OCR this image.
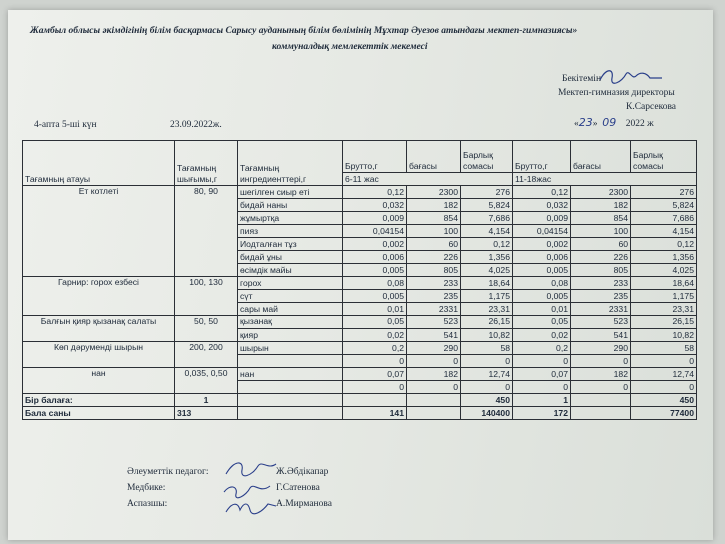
Жамбыл облысы әкімдігінің білім басқармасы Сарысу ауданының білім бөлімінің Мұхтар Әуезов атындағы мектеп-гимназиясы»
коммуналдық мемлекеттік мекемесі
Бекітемін
Мектеп-гимназия директоры
К.Сарсекова
«23» 09 2022 ж
4-апта 5-ші күн	23.09.2022ж.
Тағамның атауы	Тағамның шығымы,г	Тағамның ингредиенттері,г	Брутто,г	бағасы	Барлық сомасы	Брутто,г	бағасы	Барлық сомасы
			6-11 жас			11-18жас		
Ет котлеті	80, 90	шегілген сиыр еті	0,12	2300	276	0,12	2300	276
		бидай наны	0,032	182	5,824	0,032	182	5,824
		жұмыртқа	0,009	854	7,686	0,009	854	7,686
		пияз	0,04154	100	4,154	0,04154	100	4,154
		Иодталған тұз	0,002	60	0,12	0,002	60	0,12
		бидай ұны	0,006	226	1,356	0,006	226	1,356
		өсімдік майы	0,005	805	4,025	0,005	805	4,025
Гарнир: горох езбесі	100, 130	горох	0,08	233	18,64	0,08	233	18,64
		сүт	0,005	235	1,175	0,005	235	1,175
		сары май	0,01	2331	23,31	0,01	2331	23,31
Балғын қияр қызанақ салаты	50, 50	қызанақ	0,05	523	26,15	0,05	523	26,15
		қияр	0,02	541	10,82	0,02	541	10,82
Көп дәруменді шырын	200, 200	шырын	0,2	290	58	0,2	290	58
			0	0	0	0	0	0
нан	0,035, 0,50	нан	0,07	182	12,74	0,07	182	12,74
			0	0	0	0	0	0
Бір балаға:	1				450	1		450
Бала саны	313		141		140400	172		77400
Әлеуметтік педагог:	Ж.Әбдікапар
Медбике:	Г.Сатенова
Аспазшы:	А.Мирманова
